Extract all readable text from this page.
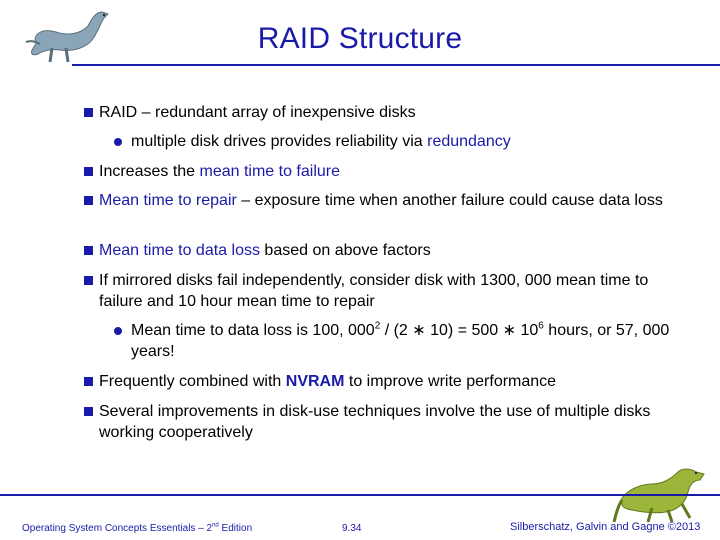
RAID Structure
RAID – redundant array of inexpensive disks
multiple disk drives provides reliability via redundancy
Increases the mean time to failure
Mean time to repair – exposure time when another failure could cause data loss
Mean time to data loss based on above factors
If mirrored disks fail independently, consider disk with 1300, 000 mean time to failure and 10 hour mean time to repair
Mean time to data loss is 100, $000^2 / (2$ ∗ 10) = 500 ∗ $10^6$ hours, or 57, 000 years!
Frequently combined with NVRAM to improve write performance
Several improvements in disk-use techniques involve the use of multiple disks working cooperatively
Operating System Concepts Essentials – 2nd Edition	9.34	Silberschatz, Galvin and Gagne ©2013
